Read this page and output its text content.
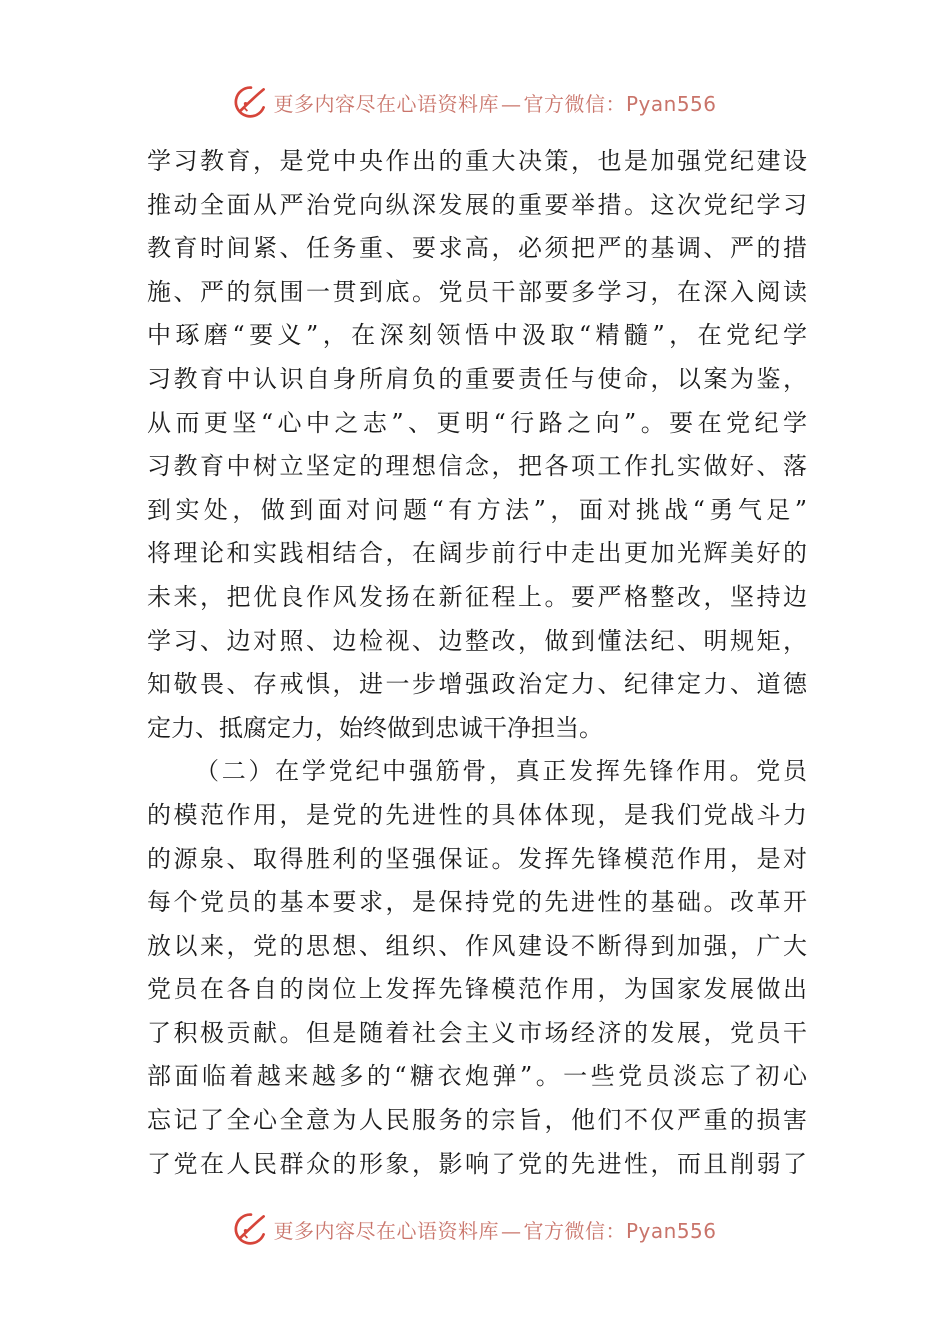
更多内容尽在心语资料库 — 官方微信：Pyan556
学习教育，是党中央作出的重大决策，也是加强党纪建设
推动全面从严治党向纵深发展的重要举措。这次党纪学习
教育时间紧、任务重、要求高，必须把严的基调、严的措
施、严的氛围一贯到底。党员干部要多学习，在深入阅读
中琢磨“要义”，在深刻领悟中汲取“精髓”，在党纪学
习教育中认识自身所肩负的重要责任与使命，以案为鉴，
从而更坚“心中之志”、更明“行路之向”。要在党纪学
习教育中树立坚定的理想信念，把各项工作扎实做好、落
到实处，做到面对问题“有方法”，面对挑战“勇气足”
将理论和实践相结合，在阔步前行中走出更加光辉美好的
未来，把优良作风发扬在新征程上。要严格整改，坚持边
学习、边对照、边检视、边整改，做到懂法纪、明规矩，
知敬畏、存戒惧，进一步增强政治定力、纪律定力、道德
定力、抵腐定力，始终做到忠诚干净担当。
（二）在学党纪中强筋骨，真正发挥先锋作用。党员
的模范作用，是党的先进性的具体体现，是我们党战斗力
的源泉、取得胜利的坚强保证。发挥先锋模范作用，是对
每个党员的基本要求，是保持党的先进性的基础。改革开
放以来，党的思想、组织、作风建设不断得到加强，广大
党员在各自的岗位上发挥先锋模范作用，为国家发展做出
了积极贡献。但是随着社会主义市场经济的发展，党员干
部面临着越来越多的“糖衣炮弹”。一些党员淡忘了初心
忘记了全心全意为人民服务的宗旨，他们不仅严重的损害
了党在人民群众的形象，影响了党的先进性，而且削弱了
更多内容尽在心语资料库 — 官方微信：Pyan556
